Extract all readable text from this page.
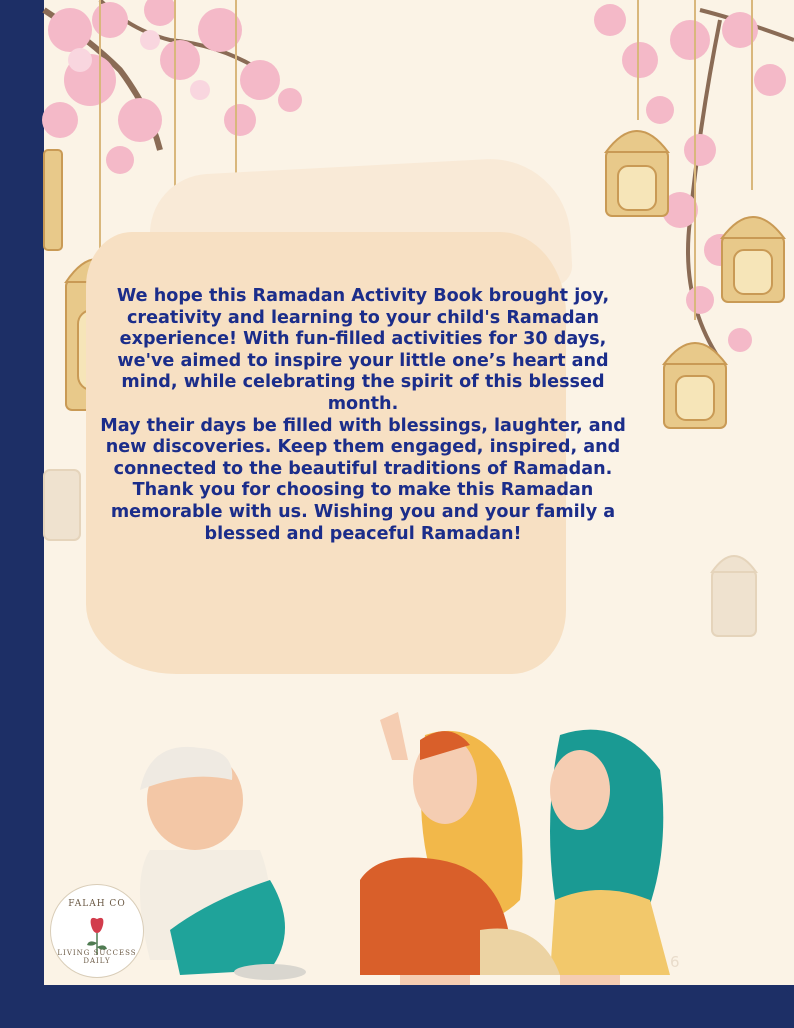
We hope this Ramadan Activity Book brought joy, creativity and learning to your child's Ramadan experience! With fun-filled activities for 30 days, we've aimed to inspire your little one’s heart and mind, while celebrating the spirit of this blessed month.

May their days be filled with blessings, laughter, and new discoveries. Keep them engaged, inspired, and connected to the beautiful traditions of Ramadan.

Thank you for choosing to make this Ramadan memorable with us. Wishing you and your family a blessed and peaceful Ramadan!

6
FALAH CO
LIVING SUCCESS DAILY
